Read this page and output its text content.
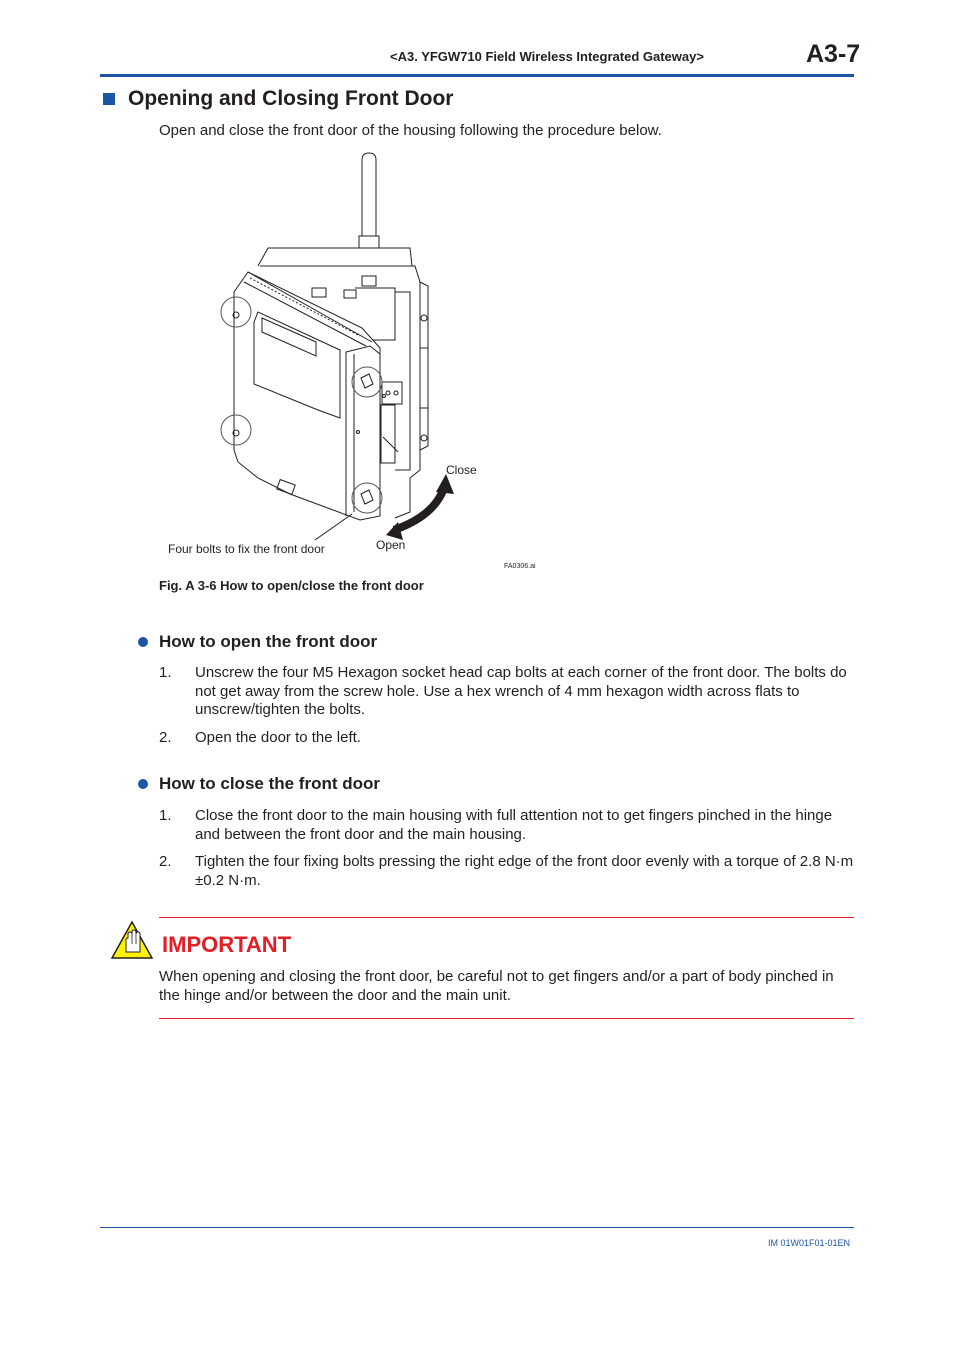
<A3. YFGW710 Field Wireless Integrated Gateway>	A3-7
Opening and Closing Front Door
Open and close the front door of the housing following the procedure below.
Close
Open
Four bolts to fix the front door
FA0306.ai
Fig. A 3-6 How to open/close the front door
How to open the front door
1. Unscrew the four M5 Hexagon socket head cap bolts at each corner of the front door. The bolts do not get away from the screw hole. Use a hex wrench of 4 mm hexagon width across flats to unscrew/tighten the bolts.
2. Open the door to the left.
How to close the front door
1. Close the front door to the main housing with full attention not to get fingers pinched in the hinge and between the front door and the main housing.
2. Tighten the four fixing bolts pressing the right edge of the front door evenly with a torque of 2.8 N·m ±0.2 N·m.
IMPORTANT
When opening and closing the front door, be careful not to get fingers and/or a part of body pinched in the hinge and/or between the door and the main unit.
IM 01W01F01-01EN
